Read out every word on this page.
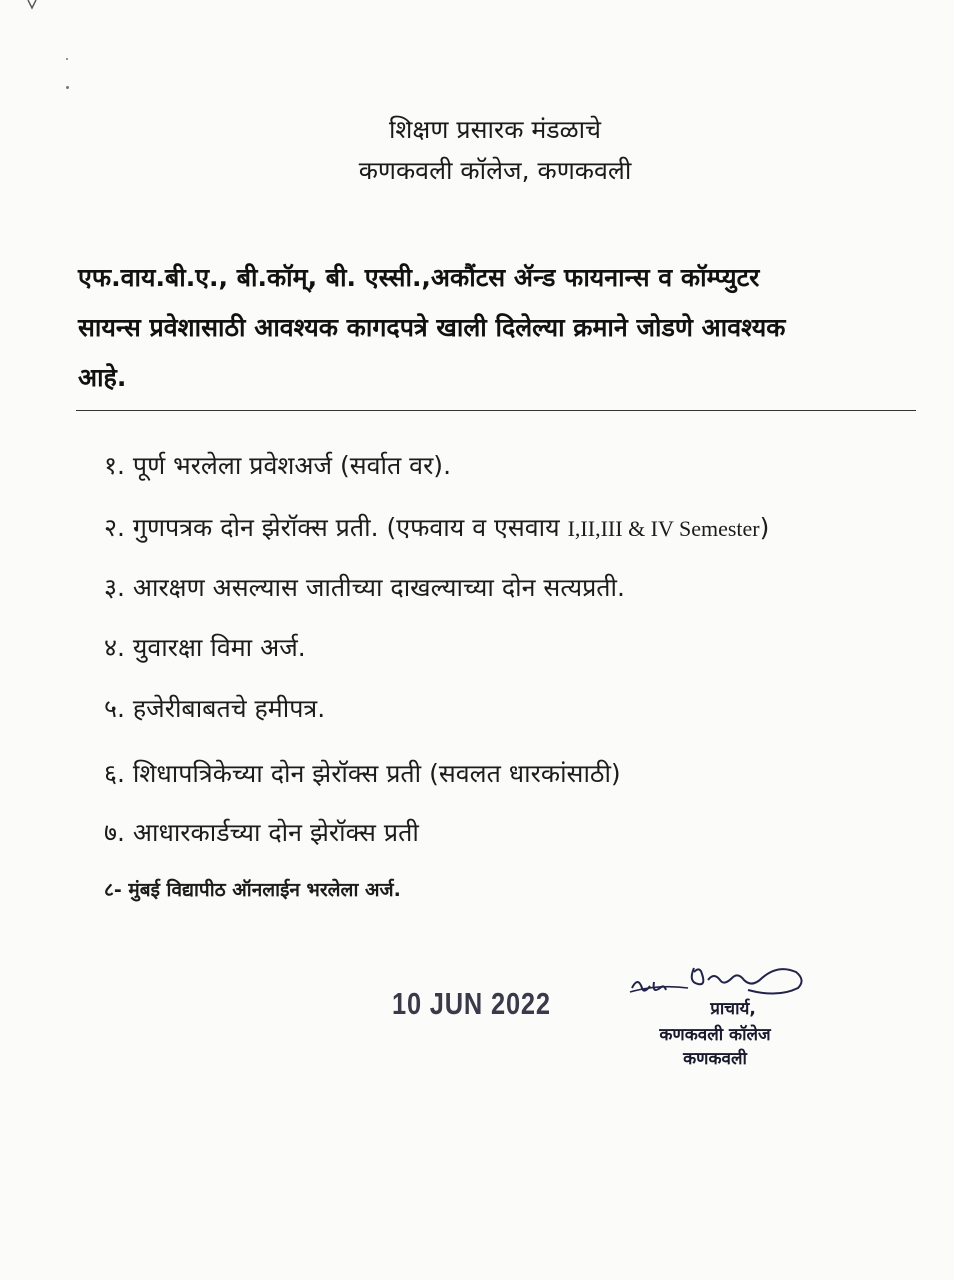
शिक्षण प्रसारक मंडळाचे
कणकवली कॉलेज, कणकवली
एफ.वाय.बी.ए., बी.कॉम्, बी. एस्सी.,अकौंटस ॲन्ड फायनान्स व कॉम्प्युटर
सायन्स प्रवेशासाठी आवश्यक कागदपत्रे खाली दिलेल्या क्रमाने जोडणे आवश्यक
आहे.
१. पूर्ण भरलेला प्रवेशअर्ज (सर्वात वर).
२. गुणपत्रक दोन झेरॉक्स प्रती. (एफवाय व एसवाय I,II,III & IV Semester)
३. आरक्षण असल्यास जातीच्या दाखल्याच्या दोन सत्यप्रती.
४. युवारक्षा विमा अर्ज.
५. हजेरीबाबतचे हमीपत्र.
६. शिधापत्रिकेच्या दोन झेरॉक्स प्रती (सवलत धारकांसाठी)
७. आधारकार्डच्या दोन झेरॉक्स प्रती
८- मुंबई विद्यापीठ ऑनलाईन भरलेला अर्ज.
10 JUN 2022	प्राचार्य,
कणकवली कॉलेज
कणकवली
